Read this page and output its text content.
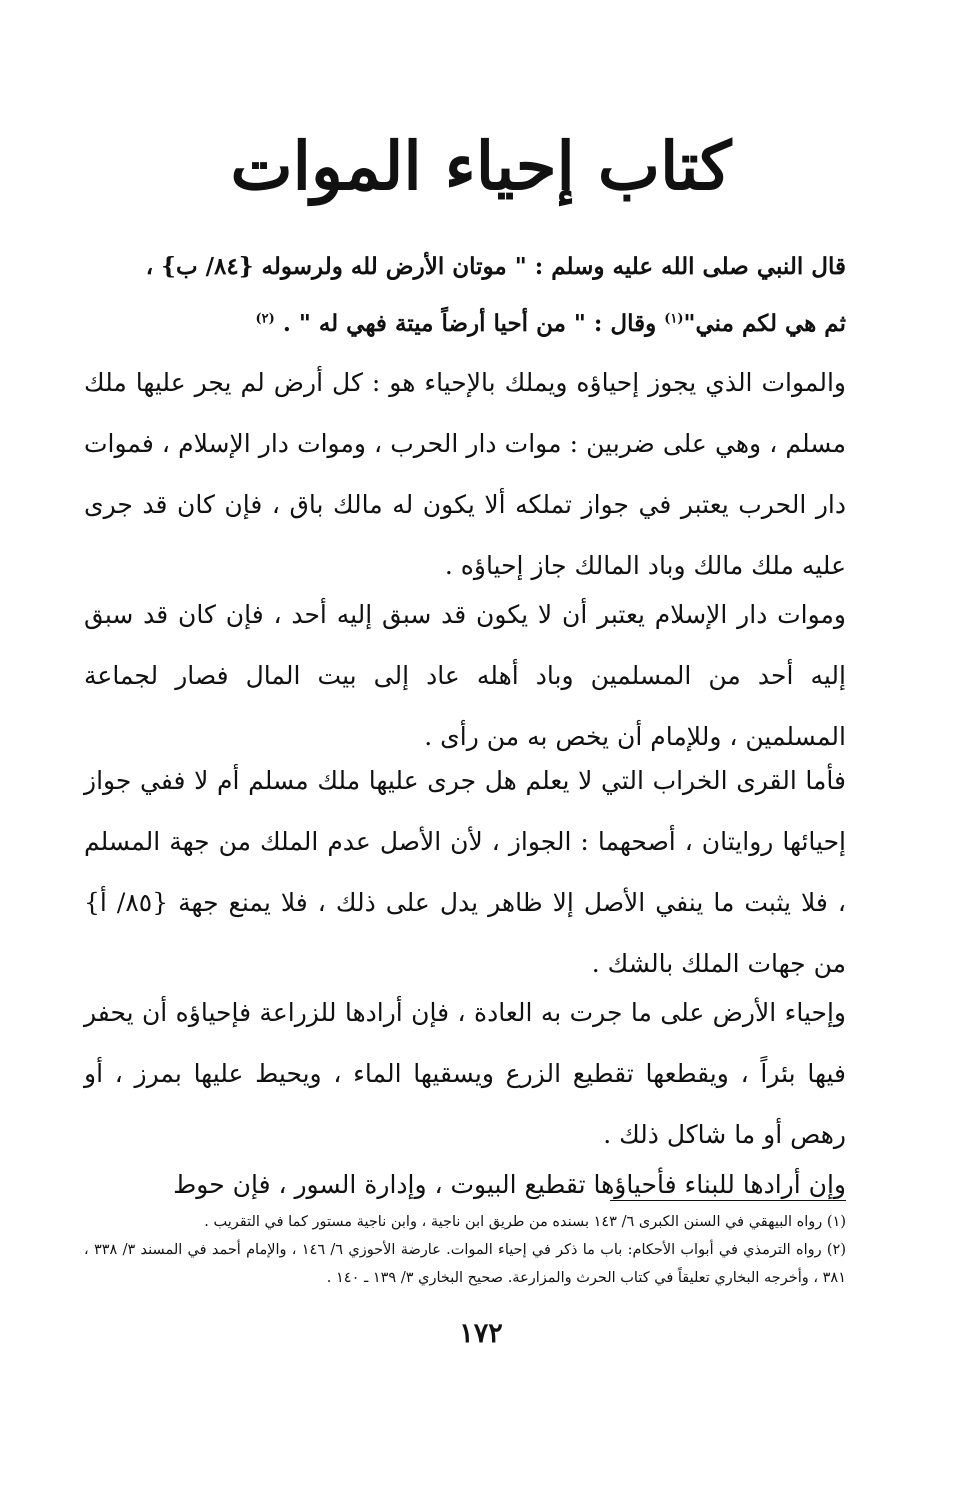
كتاب إحياء الموات
قال النبي صلى الله عليه وسلم : " موتان الأرض لله ولرسوله {٨٤/ ب} ،
ثم هي لكم مني"$^{(١)}$ وقال : " من أحيا أرضاً ميتة فهي له " . $^{(٢)}$
والموات الذي يجوز إحياؤه ويملك بالإحياء هو : كل أرض لم يجر عليها ملك مسلم ، وهي على ضربين : موات دار الحرب ، وموات دار الإسلام ، فموات دار الحرب يعتبر في جواز تملكه ألا يكون له مالك باق ، فإن كان قد جرى عليه ملك مالك وباد المالك جاز إحياؤه .
وموات دار الإسلام يعتبر أن لا يكون قد سبق إليه أحد ، فإن كان قد سبق إليه أحد من المسلمين وباد أهله عاد إلى بيت المال فصار لجماعة المسلمين ، وللإمام أن يخص به من رأى .
فأما القرى الخراب التي لا يعلم هل جرى عليها ملك مسلم أم لا ففي جواز إحيائها روايتان ، أصحهما : الجواز ، لأن الأصل عدم الملك من جهة المسلم ، فلا يثبت ما ينفي الأصل إلا ظاهر يدل على ذلك ، فلا يمنع جهة {٨٥/ أ} من جهات الملك بالشك .
وإحياء الأرض على ما جرت به العادة ، فإن أرادها للزراعة فإحياؤه أن يحفر فيها بئراً ، ويقطعها تقطيع الزرع ويسقيها الماء ، ويحيط عليها بمرز ، أو رهص أو ما شاكل ذلك .
وإن أرادها للبناء فأحياؤها تقطيع البيوت ، وإدارة السور ، فإن حوط

(١) رواه البيهقي في السنن الكبرى ٦/ ١٤٣ بسنده من طريق ابن ناجية ، وابن ناجية مستور كما في التقريب .

(٢) رواه الترمذي في أبواب الأحكام: باب ما ذكر في إحياء الموات. عارضة الأحوزي ٦/ ١٤٦ ، والإمام أحمد في المسند ٣/ ٣٣٨ ، ٣٨١ ، وأخرجه البخاري تعليقاً في كتاب الحرث والمزارعة. صحيح البخاري ٣/ ١٣٩ ـ ١٤٠ .

١٧٢
